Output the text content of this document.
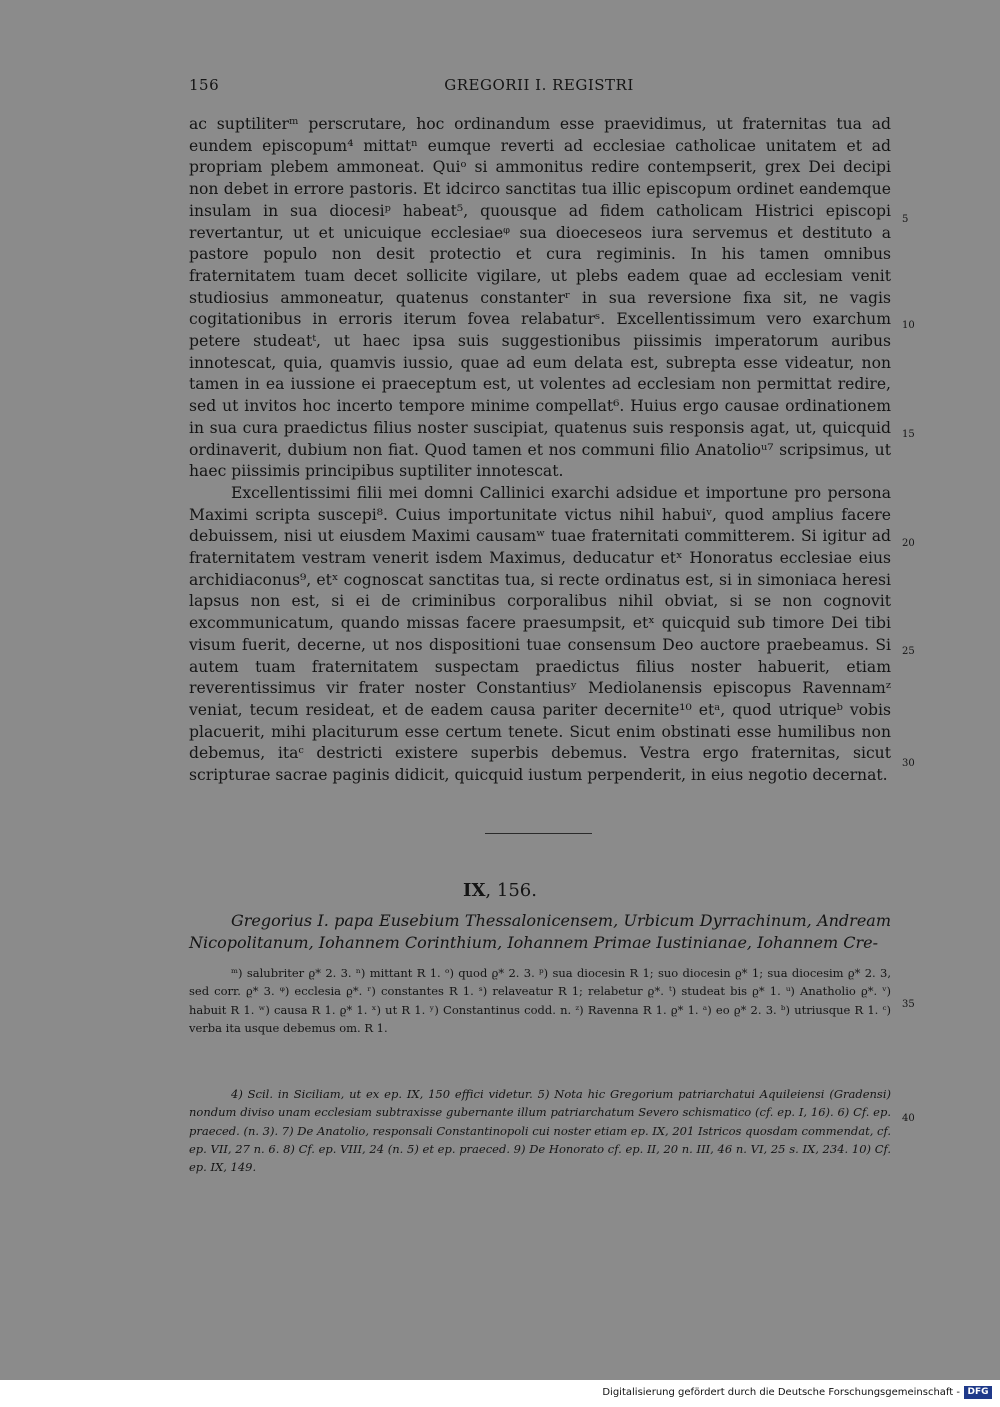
156	GREGORII I. REGISTRI

ac suptiliterᵐ perscrutare, hoc ordinandum esse praevidimus, ut fraternitas tua ad eundem episcopum⁴ mittatⁿ eumque reverti ad ecclesiae catholicae unitatem et ad propriam plebem ammoneat. Quiᵒ si ammonitus redire contempserit, grex Dei decipi non debet in errore pastoris. Et idcirco sanctitas tua illic episcopum ordinet eandemque insulam in sua diocesiᵖ habeat⁵, quousque ad fidem catholicam Histrici episcopi revertantur, ut et unicuique ecclesiaeᵠ sua dioeceseos iura servemus et destituto a pastore populo non desit protectio et cura regiminis. In his tamen omnibus fraternitatem tuam decet sollicite vigilare, ut plebs eadem quae ad ecclesiam venit studiosius ammoneatur, quatenus constanterʳ in sua reversione fixa sit, ne vagis cogitationibus in erroris iterum fovea relabaturˢ. Excellentissimum vero exarchum petere studeatᵗ, ut haec ipsa suis suggestionibus piissimis imperatorum auribus innotescat, quia, quamvis iussio, quae ad eum delata est, subrepta esse videatur, non tamen in ea iussione ei praeceptum est, ut volentes ad ecclesiam non permittat redire, sed ut invitos hoc incerto tempore minime compellat⁶. Huius ergo causae ordinationem in sua cura praedictus filius noster suscipiat, quatenus suis responsis agat, ut, quicquid ordinaverit, dubium non fiat. Quod tamen et nos communi filio Anatolioᵘ⁷ scripsimus, ut haec piissimis principibus suptiliter innotescat.

Excellentissimi filii mei domni Callinici exarchi adsidue et importune pro persona Maximi scripta suscepi⁸. Cuius importunitate victus nihil habuiᵛ, quod amplius facere debuissem, nisi ut eiusdem Maximi causamʷ tuae fraternitati committerem. Si igitur ad fraternitatem vestram venerit isdem Maximus, deducatur etˣ Honoratus ecclesiae eius archidiaconus⁹, etˣ cognoscat sanctitas tua, si recte ordinatus est, si in simoniaca heresi lapsus non est, si ei de criminibus corporalibus nihil obviat, si se non cognovit excommunicatum, quando missas facere praesumpsit, etˣ quicquid sub timore Dei tibi visum fuerit, decerne, ut nos dispositioni tuae consensum Deo auctore praebeamus. Si autem tuam fraternitatem suspectam praedictus filius noster habuerit, etiam reverentissimus vir frater noster Constantiusʸ Mediolanensis episcopus Ravennamᶻ veniat, tecum resideat, et de eadem causa pariter decernite¹⁰ etᵃ, quod utriqueᵇ vobis placuerit, mihi placiturum esse certum tenete. Sicut enim obstinati esse humilibus non debemus, itaᶜ destricti existere superbis debemus. Vestra ergo fraternitas, sicut scripturae sacrae paginis didicit, quicquid iustum perpenderit, in eius negotio decernat.

5
10
15
20
25
30
35
40
IX, 156.

Gregorius I. papa Eusebium Thessalonicensem, Urbicum Dyrrachinum, Andream Nicopolitanum, Iohannem Corinthium, Iohannem Primae Iustinianae, Iohannem Cre-

ᵐ) salubriter ϱ* 2. 3. ⁿ) mittant R 1. ᵒ) quod ϱ* 2. 3. ᵖ) sua diocesin R 1; suo diocesin ϱ* 1; sua diocesim ϱ* 2. 3, sed corr. ϱ* 3. ᵠ) ecclesia ϱ*. ʳ) constantes R 1. ˢ) relaveatur R 1; relabetur ϱ*. ᵗ) studeat bis ϱ* 1. ᵘ) Anatholio ϱ*. ᵛ) habuit R 1. ʷ) causa R 1. ϱ* 1. ˣ) ut R 1. ʸ) Constantinus codd. n. ᶻ) Ravenna R 1. ϱ* 1. ᵃ) eo ϱ* 2. 3. ᵇ) utriusque R 1. ᶜ) verba ita usque debemus om. R 1.

4) Scil. in Siciliam, ut ex ep. IX, 150 effici videtur. 5) Nota hic Gregorium patriarchatui Aquileiensi (Gradensi) nondum diviso unam ecclesiam subtraxisse gubernante illum patriarchatum Severo schismatico (cf. ep. I, 16). 6) Cf. ep. praeced. (n. 3). 7) De Anatolio, responsali Constantinopoli cui noster etiam ep. IX, 201 Istricos quosdam commendat, cf. ep. VII, 27 n. 6. 8) Cf. ep. VIII, 24 (n. 5) et ep. praeced. 9) De Honorato cf. ep. II, 20 n. III, 46 n. VI, 25 s. IX, 234. 10) Cf. ep. IX, 149.

Digitalisierung gefördert durch die Deutsche Forschungsgemeinschaft - DFG
